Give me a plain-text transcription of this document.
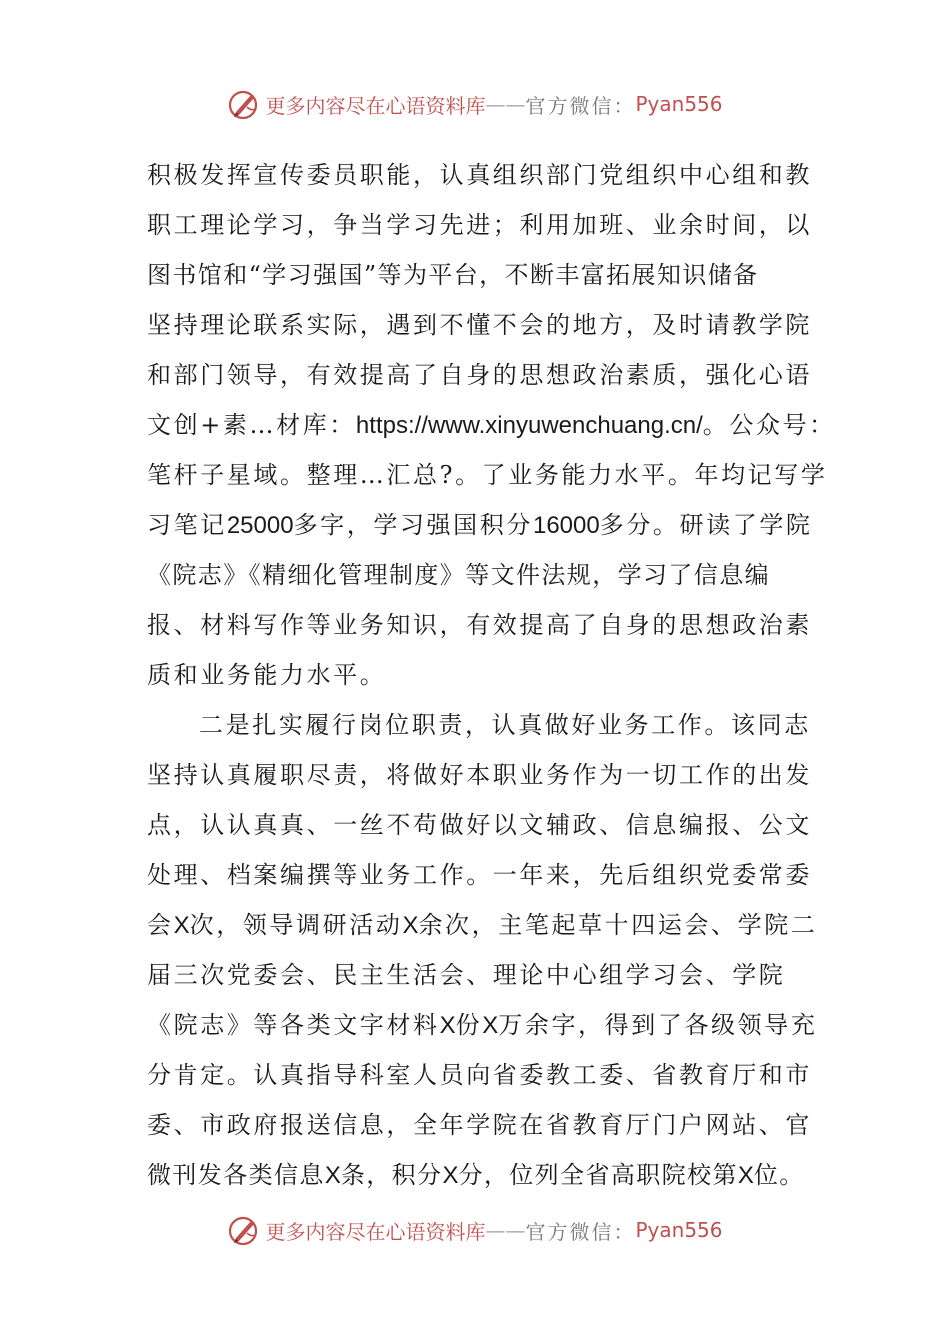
更多内容尽在心语资料库 —— 官方微信： Pyan556
积极发挥宣传委员职能，认真组织部门党组织中心组和教
职工理论学习，争当学习先进；利用加班、业余时间，以
图书馆和“学习强国”等为平台，不断丰富拓展知识储备
坚持理论联系实际，遇到不懂不会的地方，及时请教学院
和部门领导，有效提高了自身的思想政治素质，强化心语
文创+素…材库：https://www.xinyuwenchuang.cn/。公众号：
笔杆子星域。整理…汇总?。了业务能力水平。年均记写学
习笔记25000多字，学习强国积分16000多分。研读了学院
《院志》《精细化管理制度》等文件法规，学习了信息编
报、材料写作等业务知识，有效提高了自身的思想政治素
质和业务能力水平。
二是扎实履行岗位职责，认真做好业务工作。该同志
坚持认真履职尽责，将做好本职业务作为一切工作的出发
点，认认真真、一丝不苟做好以文辅政、信息编报、公文
处理、档案编撰等业务工作。一年来，先后组织党委常委
会X次，领导调研活动X余次，主笔起草十四运会、学院二
届三次党委会、民主生活会、理论中心组学习会、学院
《院志》等各类文字材料X份X万余字，得到了各级领导充
分肯定。认真指导科室人员向省委教工委、省教育厅和市
委、市政府报送信息，全年学院在省教育厅门户网站、官
微刊发各类信息X条，积分X分，位列全省高职院校第X位。
更多内容尽在心语资料库 —— 官方微信： Pyan556
